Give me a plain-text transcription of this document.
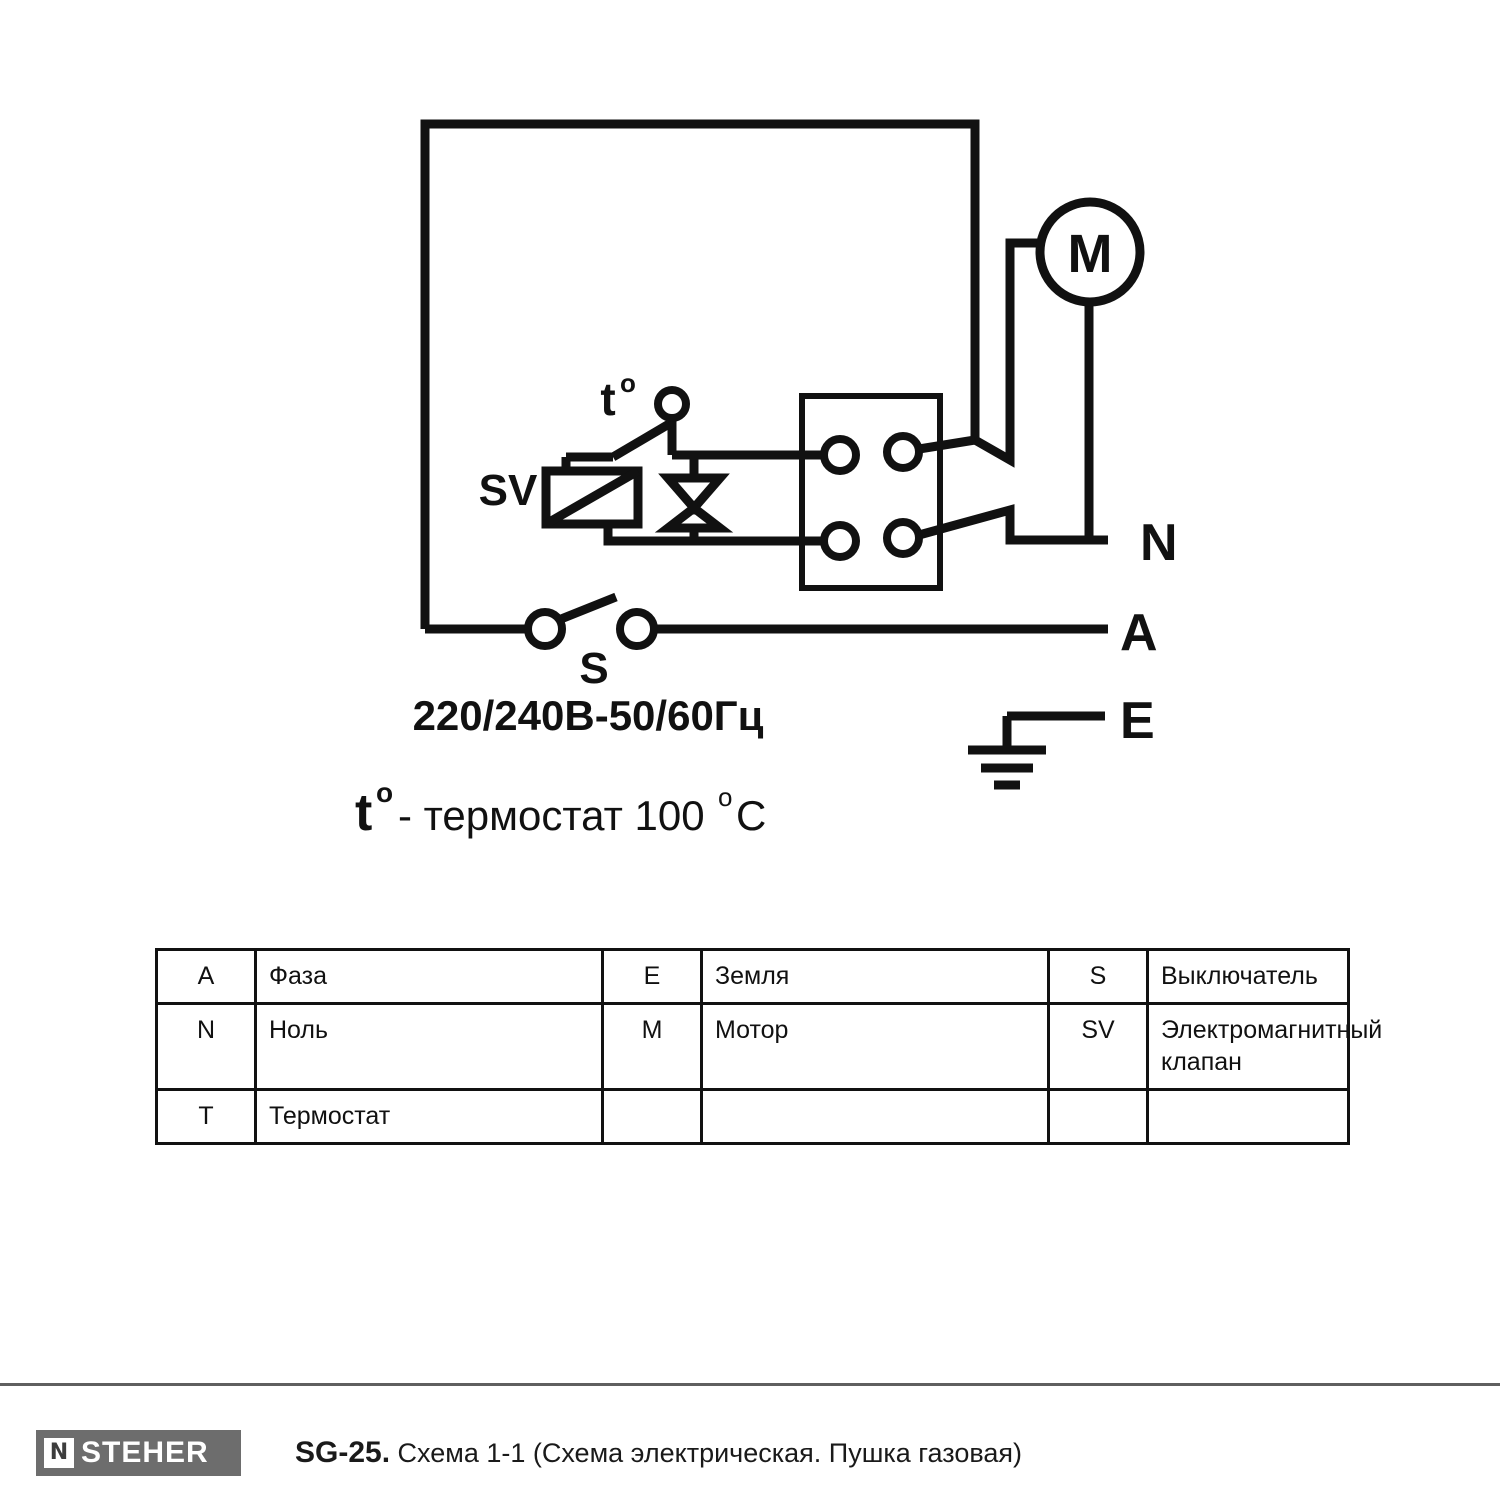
M
t o
SV
S
N
A
E
220/240В-50/60Гц
t o - термостат 100 o C
A	Фаза	E	Земля	S	Выключатель
N	Ноль	M	Мотор	SV	Электромагнитный клапан
T	Термостат				
N STEHER	SG-25. Схема 1-1 (Схема электрическая. Пушка газовая)
